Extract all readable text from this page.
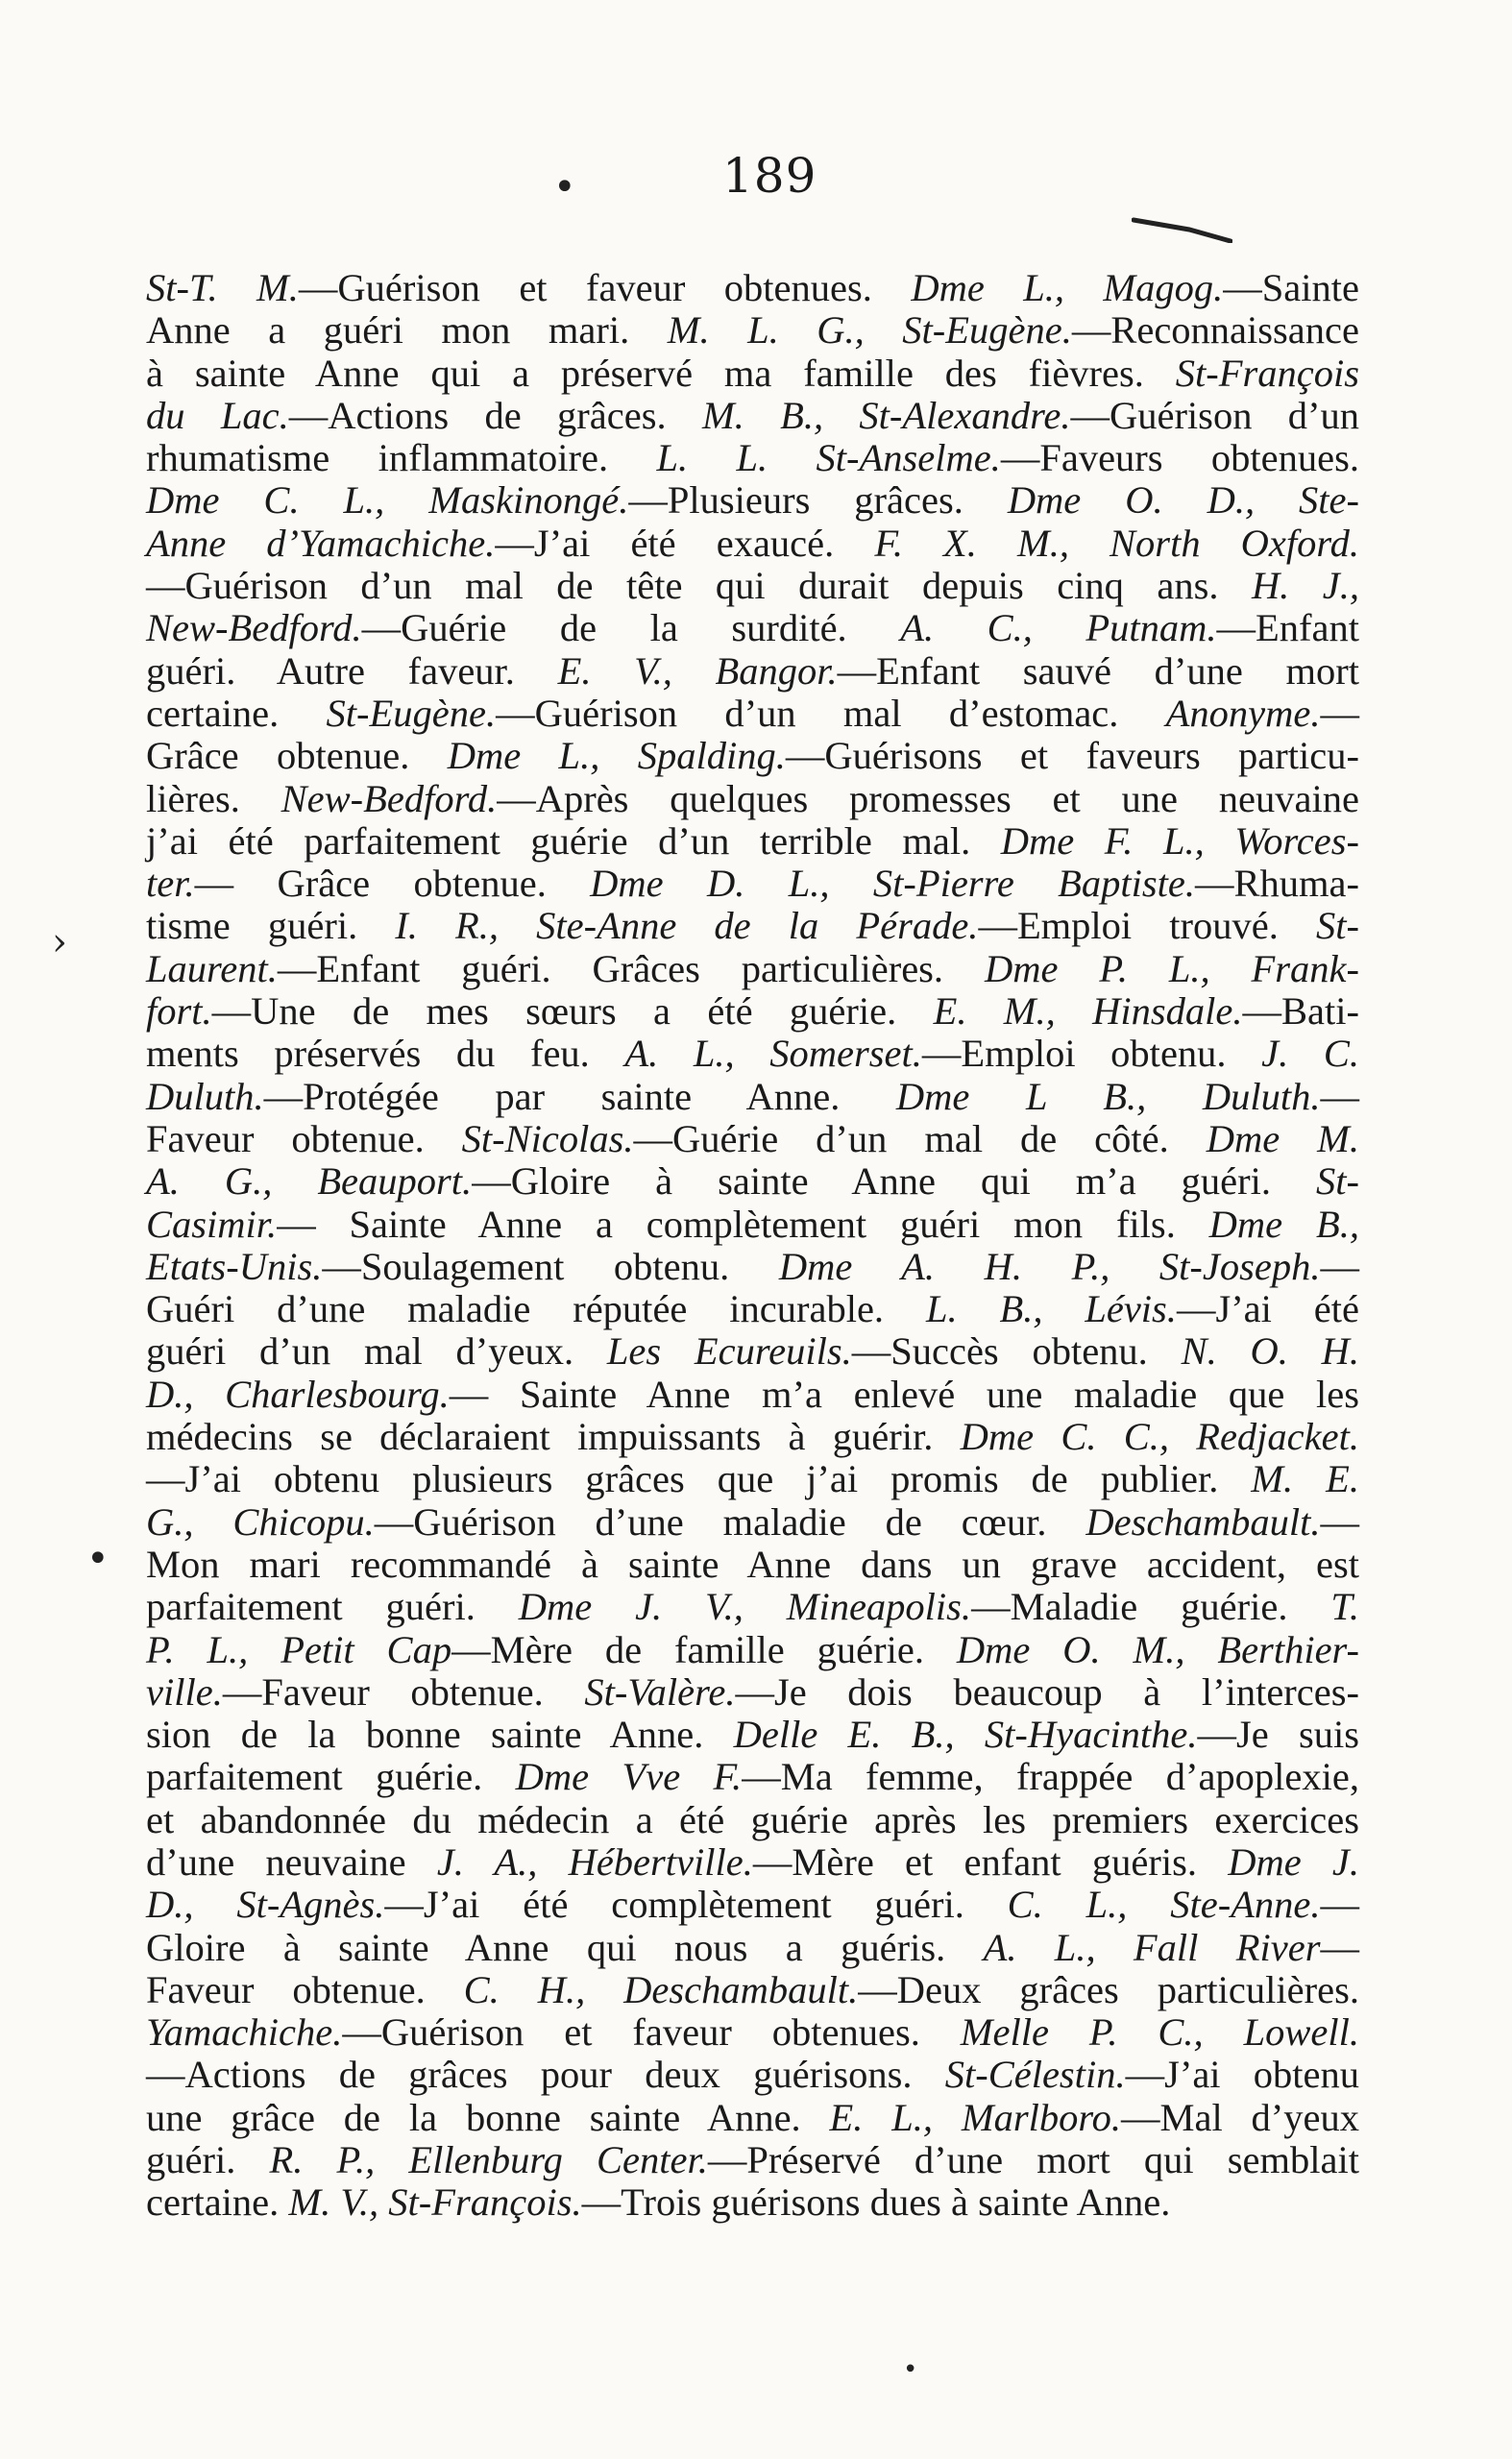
•	189
›
•
St-T. M.—Guérison et faveur obtenues. Dme L., Magog.—Sainte
Anne a guéri mon mari. M. L. G., St-Eugène.—Reconnaissance
à sainte Anne qui a préservé ma famille des fièvres. St-François
du Lac.—Actions de grâces. M. B., St-Alexandre.—Guérison d’un
rhumatisme inflammatoire. L. L. St-Anselme.—Faveurs obtenues.
Dme C. L., Maskinongé.—Plusieurs grâces. Dme O. D., Ste-
Anne d’Yamachiche.—J’ai été exaucé. F. X. M., North Oxford.
—Guérison d’un mal de tête qui durait depuis cinq ans. H. J.,
New-Bedford.—Guérie de la surdité. A. C., Putnam.—Enfant
guéri. Autre faveur. E. V., Bangor.—Enfant sauvé d’une mort
certaine. St-Eugène.—Guérison d’un mal d’estomac. Anonyme.—
Grâce obtenue. Dme L., Spalding.—Guérisons et faveurs particu-
lières. New-Bedford.—Après quelques promesses et une neuvaine
j’ai été parfaitement guérie d’un terrible mal. Dme F. L., Worces-
ter.— Grâce obtenue. Dme D. L., St-Pierre Baptiste.—Rhuma-
tisme guéri. I. R., Ste-Anne de la Pérade.—Emploi trouvé. St-
Laurent.—Enfant guéri. Grâces particulières. Dme P. L., Frank-
fort.—Une de mes sœurs a été guérie. E. M., Hinsdale.—Bati-
ments préservés du feu. A. L., Somerset.—Emploi obtenu. J. C.
Duluth.—Protégée par sainte Anne. Dme L B., Duluth.—
Faveur obtenue. St-Nicolas.—Guérie d’un mal de côté. Dme M.
A. G., Beauport.—Gloire à sainte Anne qui m’a guéri. St-
Casimir.— Sainte Anne a complètement guéri mon fils. Dme B.,
Etats-Unis.—Soulagement obtenu. Dme A. H. P., St-Joseph.—
Guéri d’une maladie réputée incurable. L. B., Lévis.—J’ai été
guéri d’un mal d’yeux. Les Ecureuils.—Succès obtenu. N. O. H.
D., Charlesbourg.— Sainte Anne m’a enlevé une maladie que les
médecins se déclaraient impuissants à guérir. Dme C. C., Redjacket.
—J’ai obtenu plusieurs grâces que j’ai promis de publier. M. E.
G., Chicopu.—Guérison d’une maladie de cœur. Deschambault.—
Mon mari recommandé à sainte Anne dans un grave accident, est
parfaitement guéri. Dme J. V., Mineapolis.—Maladie guérie. T.
P. L., Petit Cap—Mère de famille guérie. Dme O. M., Berthier-
ville.—Faveur obtenue. St-Valère.—Je dois beaucoup à l’interces-
sion de la bonne sainte Anne. Delle E. B., St-Hyacinthe.—Je suis
parfaitement guérie. Dme Vve F.—Ma femme, frappée d’apoplexie,
et abandonnée du médecin a été guérie après les premiers exercices
d’une neuvaine J. A., Hébertville.—Mère et enfant guéris. Dme J.
D., St-Agnès.—J’ai été complètement guéri. C. L., Ste-Anne.—
Gloire à sainte Anne qui nous a guéris. A. L., Fall River—
Faveur obtenue. C. H., Deschambault.—Deux grâces particulières.
Yamachiche.—Guérison et faveur obtenues. Melle P. C., Lowell.
—Actions de grâces pour deux guérisons. St-Célestin.—J’ai obtenu
une grâce de la bonne sainte Anne. E. L., Marlboro.—Mal d’yeux
guéri. R. P., Ellenburg Center.—Préservé d’une mort qui semblait
certaine. M. V., St-François.—Trois guérisons dues à sainte Anne.
•
